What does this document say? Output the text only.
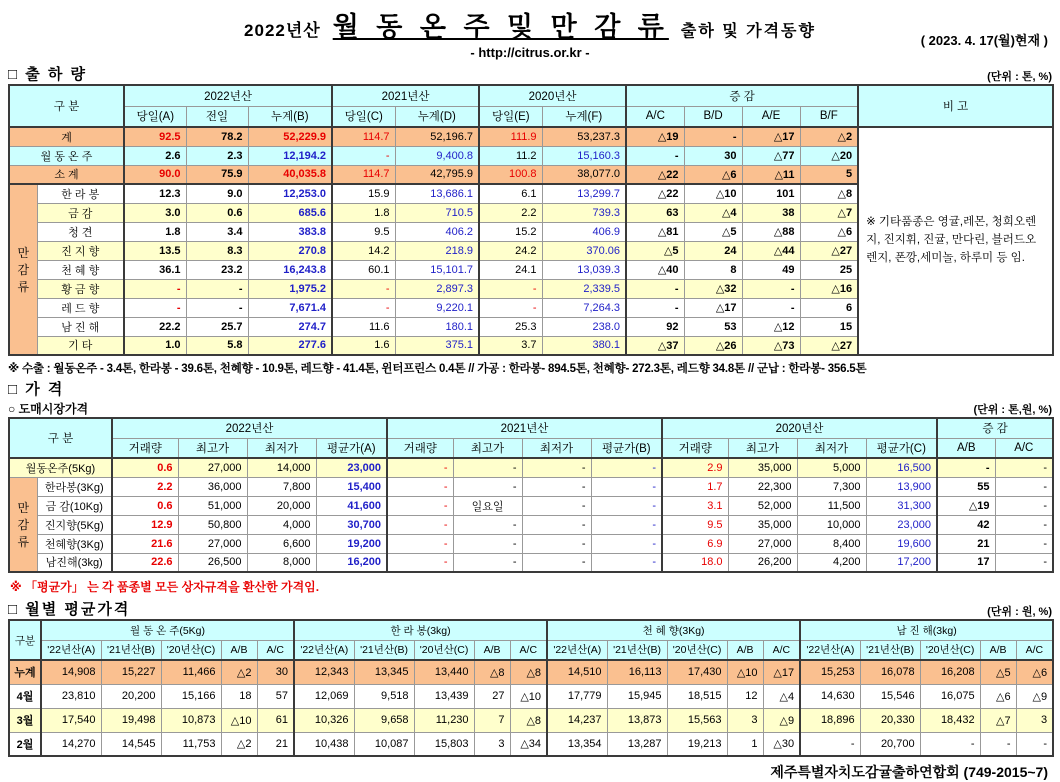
2022년산 월 동 온 주 및 만 감 류 출하 및 가격동향
- http://citrus.or.kr -
( 2023. 4. 17(월)현재 )
□ 출 하 량	(단위 : 톤, %)
구 분		2022년산			2021년산		2020년산		증 감				비 고
		당일(A)	전일	누계(B)	당일(C)	누계(D)	당일(E)	누계(F)	A/C	B/D	A/E	B/F	
계		92.5	78.2	52,229.9	114.7	52,196.7	111.9	53,237.3	△19	-	△17	△2	※ 기타품종은 영귤,레몬, 청희오렌지, 진지휘, 진귤, 만다린, 블러드오렌지, 폰깡,세미놀, 하루미 등 임.
월 동 온 주		2.6	2.3	12,194.2	-	9,400.8	11.2	15,160.3	-	30	△77	△20	
소 계		90.0	75.9	40,035.8	114.7	42,795.9	100.8	38,077.0	△22	△6	△11	5	

만
감
류	한 라 봉	12.3	9.0	12,253.0	15.9	13,686.1	6.1	13,299.7	△22	△10	101	△8	
	금 감	3.0	0.6	685.6	1.8	710.5	2.2	739.3	63	△4	38	△7	
	청 견	1.8	3.4	383.8	9.5	406.2	15.2	406.9	△81	△5	△88	△6	
	진 지 향	13.5	8.3	270.8	14.2	218.9	24.2	370.06	△5	24	△44	△27	
	천 혜 향	36.1	23.2	16,243.8	60.1	15,101.7	24.1	13,039.3	△40	8	49	25	
	황 금 향	-	-	1,975.2	-	2,897.3	-	2,339.5	-	△32	-	△16	
	레 드 향	-	-	7,671.4	-	9,220.1	-	7,264.3	-	△17	-	6	
	남 진 해	22.2	25.7	274.7	11.6	180.1	25.3	238.0	92	53	△12	15	
	기 타	1.0	5.8	277.6	1.6	375.1	3.7	380.1	△37	△26	△73	△27	
※ 수출 : 월동온주 - 3.4톤, 한라봉 - 39.6톤, 천혜향 - 10.9톤, 레드향 - 41.4톤, 윈터프린스 0.4톤 // 가공 : 한라봉- 894.5톤, 천혜향- 272.3톤, 레드향 34.8톤 // 군납 : 한라봉- 356.5톤
□ 가 격
○ 도매시장가격	(단위 : 톤,원, %)
구 분		2022년산				2021년산				2020년산				증 감	
		거래량	최고가	최저가	평균가(A)	거래량	최고가	최저가	평균가(B)	거래량	최고가	최저가	평균가(C)	A/B	A/C
월동온주(5Kg)		0.6	27,000	14,000	23,000	-	-	-	-	2.9	35,000	5,000	16,500	-	-

만
감
류	한라봉(3Kg)	2.2	36,000	7,800	15,400	-	-	-	-	1.7	22,300	7,300	13,900	55	-
	금 감(10Kg)	0.6	51,000	20,000	41,600	-	일요일	-	-	3.1	52,000	11,500	31,300	△19	-
	진지향(5Kg)	12.9	50,800	4,000	30,700	-	-	-	-	9.5	35,000	10,000	23,000	42	-
	천혜향(3Kg)	21.6	27,000	6,600	19,200	-	-	-	-	6.9	27,000	8,400	19,600	21	-
	남진해(3kg)	22.6	26,500	8,000	16,200	-	-	-	-	18.0	26,200	4,200	17,200	17	-
※ 「평균가」 는 각 품종별 모든 상자규격을 환산한 가격임.
□ 월별 평균가격	(단위 : 원, %)
구분	월 동 온 주(5Kg)					한 라 봉(3kg)					천 혜 향(3Kg)					남 진 해(3kg)				
	'22년산(A)	'21년산(B)	'20년산(C)	A/B	A/C	'22년산(A)	'21년산(B)	'20년산(C)	A/B	A/C	'22년산(A)	'21년산(B)	'20년산(C)	A/B	A/C	'22년산(A)	'21년산(B)	'20년산(C)	A/B	A/C
누계	14,908	15,227	11,466	△2	30	12,343	13,345	13,440	△8	△8	14,510	16,113	17,430	△10	△17	15,253	16,078	16,208	△5	△6
4월	23,810	20,200	15,166	18	57	12,069	9,518	13,439	27	△10	17,779	15,945	18,515	12	△4	14,630	15,546	16,075	△6	△9
3월	17,540	19,498	10,873	△10	61	10,326	9,658	11,230	7	△8	14,237	13,873	15,563	3	△9	18,896	20,330	18,432	△7	3
2월	14,270	14,545	11,753	△2	21	10,438	10,087	15,803	3	△34	13,354	13,287	19,213	1	△30	-	20,700	-	-	-
제주특별자치도감귤출하연합회 (749-2015~7)
